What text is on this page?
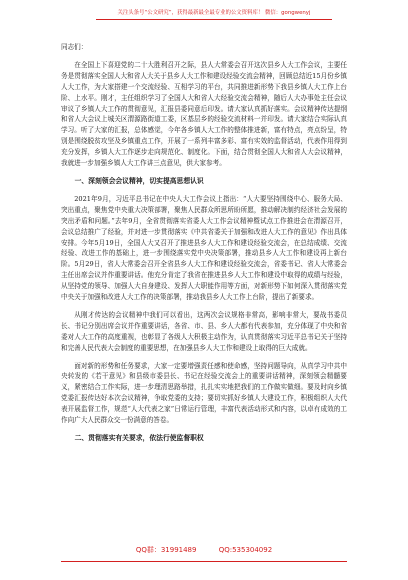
关注头条号“公文研究”，获得最新最全最专业的公文资料库！ 微信：gongwenyj

同志们：

在全国上下喜迎党的二十大胜利召开之际，县人大常委会召开这次县乡人大工作会议，主要任务是贯彻落实全国人大和省人大关于县乡人大工作和建设经验交流会精神，回顾总结近15月份乡镇人大工作，为大家搭建一个交流经验、互相学习的平台，共同推进新形势下我县乡镇人大工作上台阶、上水平。刚才，主任组织学习了全国人大和省人大经验交流会精神，随后人大办事处主任会议审议了乡镇人大工作的贯彻意见，汇报县委同意后印发。请大家认真抓好落实。会议精神传达提纲和省人大会议上城关区渭源路街道工委，区基层乡的经验交流材料一并印发。请大家结合实际认真学习。听了大家的汇报，总体感觉，今年各乡镇人大工作的整体推进新，富有特点，亮点纷呈，特别是围绕脱贫攻坚及乡镇重点工作，开展了一系列丰富多彩、富有实效的监督活动，代表作用得到充分发挥，乡镇人大工作逐步走向规范化、制度化。下面，结合贯彻全国人大和省人大会议精神，我就进一步加强乡镇人大工作讲三点意见，供大家参考。

一、深刻领会会议精神，切实提高思想认识

2021年9月，习近平总书记在中央人大工作会议上指出：“人大要坚持围绕中心、服务大局、突出重点，聚焦党中央重大决策部署，聚焦人民群众所思所盼所愿，推动解决制约经济社会发展的突出矛盾和问题。”去年9月，全省贯彻落实省委人大工作会议精神暨试点工作推进会在渭源召开，会议总结推广了经验，并对进一步贯彻落实《中共省委关于加强和改进人大工作的意见》作出具体安排。今年5月19日，全国人大又召开了推进县乡人大工作和建设经验交流会，在总结成绩、交流经验、改进工作的基础上，进一步围绕落实党中央决策部署，推动县乡人大工作和建设再上新台阶。5月29日，省人大常委会召开全省县乡人大工作和建设经验交流会，省委书记、省人大常委会主任出席会议并作重要讲话。他充分肯定了我省在推进县乡人大工作和建设中取得的成绩与经验，从坚持党的领导、加强人大自身建设、发挥人大职能作用等方面，对新形势下如何深入贯彻落实党中央关于加强和改进人大工作的决策部署，推动我县乡人大工作上台阶，提出了新要求。

从刚才传达的会议精神中我们可以看出，这两次会议规格非常高，影响非常大，要战书委员长、书记分别出席会议并作重要讲话，各省、市、县、乡人大都有代表参加，充分体现了中央和省委对人大工作的高度重视，也彰显了各级人大积极主动作为，认真贯彻落实习近平总书记关于坚持和完善人民代表大会制度的重要思想，在加强县乡人大工作和建设上取得的巨大成就。

面对新的形势和任务要求，大家一定要增强责任感和使命感，坚持问题导向，从真学习中共中央转发的《若干意见》和县级市委县长、书记在经验交流会上的重要讲话精神，深刻领会精髓要义，紧密结合工作实际，进一步理清思路举措，扎扎实实地把我们的工作做实做细。要及时向乡镇党委汇报传达好本次会议精神，争取党委的支持；要切实抓好乡镇人大建设工作，积极组织人大代表开展监督工作，规范“人大代表之家”日常运行管理，丰富代表活动形式和内容，以卓有成效的工作向广大人民群众交一份满意的答卷。

二、贯彻落实有关要求，依法行使监督职权
QQ群：31991489	QQ:535304092
